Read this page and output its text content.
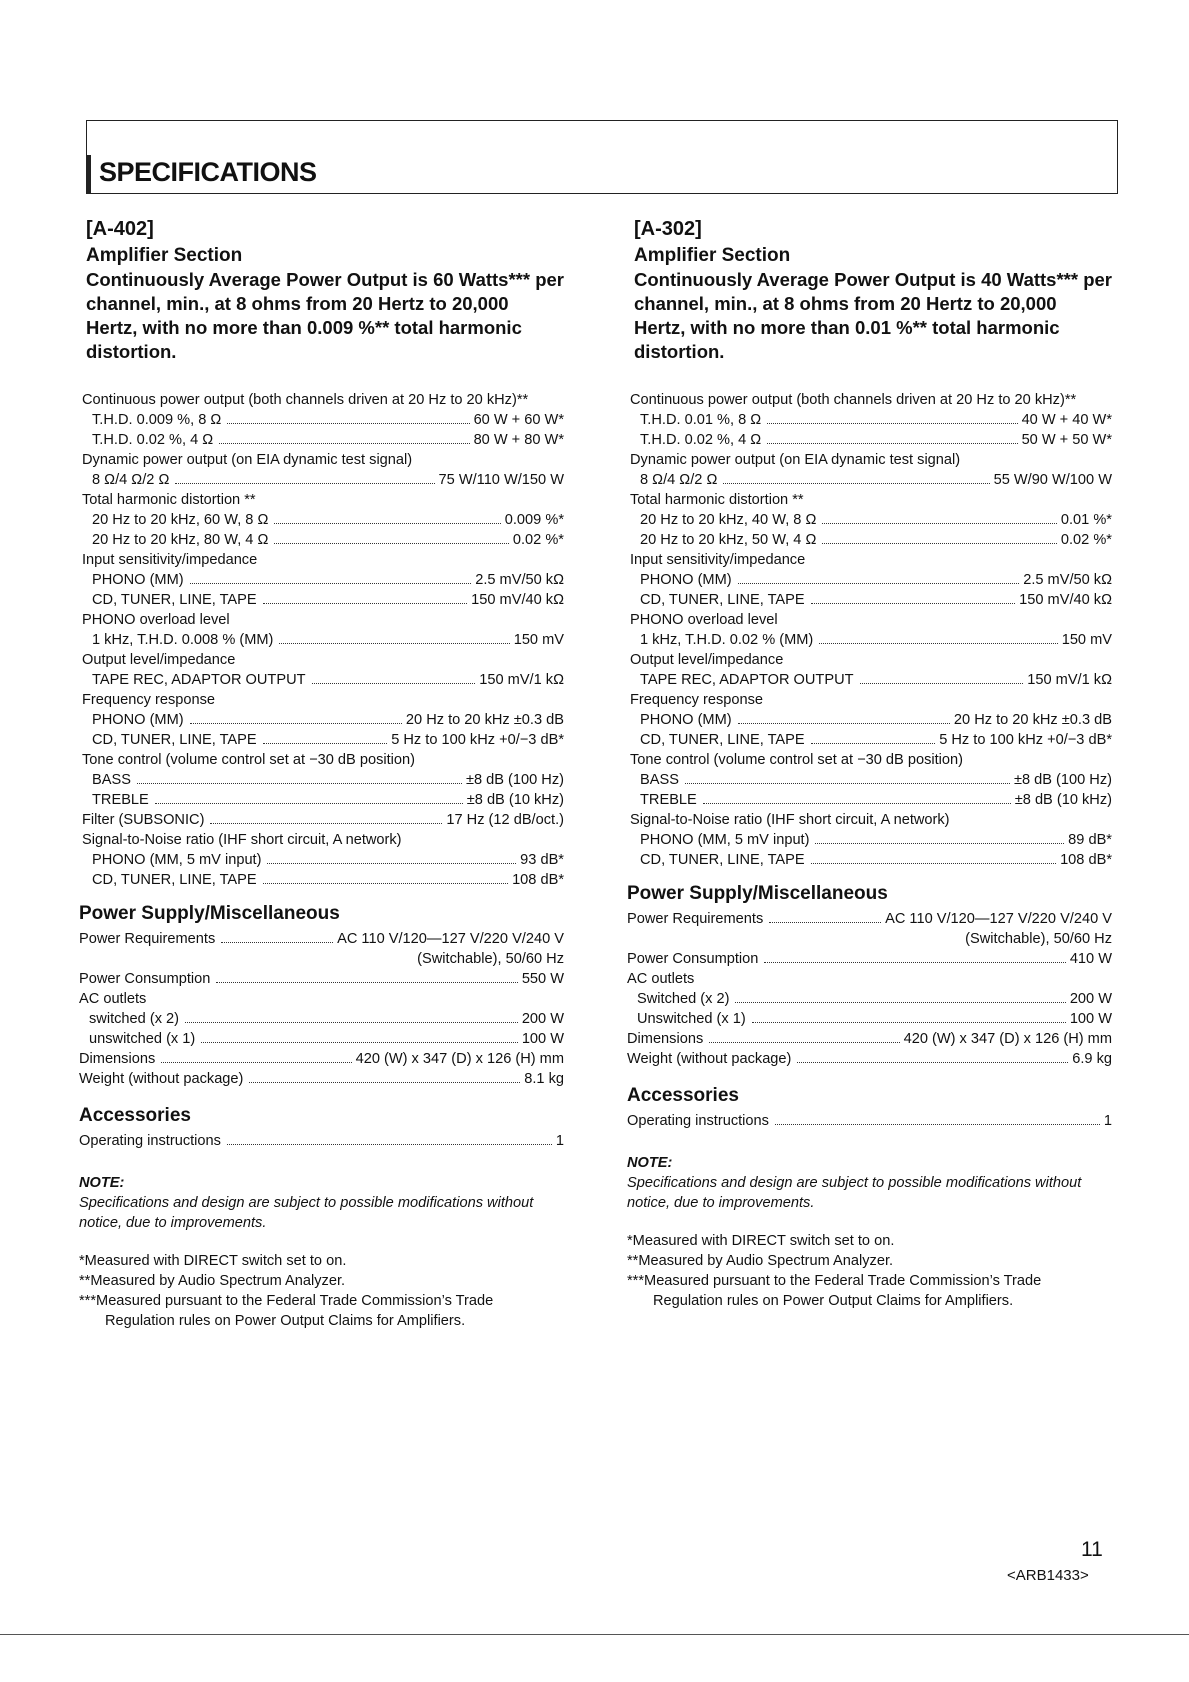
SPECIFICATIONS
[A-402]
Amplifier Section
Continuously Average Power Output is 60 Watts*** per channel, min., at 8 ohms from 20 Hertz to 20,000 Hertz, with no more than 0.009 %** total harmonic distortion.
Continuous power output (both channels driven at 20 Hz to 20 kHz)**
T.H.D. 0.009 %, 8 Ω	60 W + 60 W*
T.H.D. 0.02 %, 4 Ω	80 W + 80 W*
Dynamic power output (on EIA dynamic test signal)
8 Ω/4 Ω/2 Ω	75 W/110 W/150 W
Total harmonic distortion **
20 Hz to 20 kHz, 60 W, 8 Ω	0.009 %*
20 Hz to 20 kHz, 80 W, 4 Ω	0.02 %*
Input sensitivity/impedance
PHONO (MM)	2.5 mV/50 kΩ
CD, TUNER, LINE, TAPE	150 mV/40 kΩ
PHONO overload level
1 kHz, T.H.D. 0.008 % (MM)	150 mV
Output level/impedance
TAPE REC, ADAPTOR OUTPUT	150 mV/1 kΩ
Frequency response
PHONO (MM)	20 Hz to 20 kHz ±0.3 dB
CD, TUNER, LINE, TAPE	5 Hz to 100 kHz +0/−3 dB*
Tone control (volume control set at −30 dB position)
BASS	±8 dB (100 Hz)
TREBLE	±8 dB (10 kHz)
Filter (SUBSONIC)	17 Hz (12 dB/oct.)
Signal-to-Noise ratio (IHF short circuit, A network)
PHONO (MM, 5 mV input)	93 dB*
CD, TUNER, LINE, TAPE	108 dB*
Power Supply/Miscellaneous
Power Requirements	AC 110 V/120—127 V/220 V/240 V
(Switchable), 50/60 Hz
Power Consumption	550 W
AC outlets
switched (x 2)	200 W
unswitched (x 1)	100 W
Dimensions	420 (W) x 347 (D) x 126 (H) mm
Weight (without package)	8.1 kg
Accessories
Operating instructions	1
NOTE:
Specifications and design are subject to possible modifications without notice, due to improvements.
*Measured with DIRECT switch set to on.
**Measured by Audio Spectrum Analyzer.
***Measured pursuant to the Federal Trade Commission’s Trade
Regulation rules on Power Output Claims for Amplifiers.
[A-302]
Amplifier Section
Continuously Average Power Output is 40 Watts*** per channel, min., at 8 ohms from 20 Hertz to 20,000 Hertz, with no more than 0.01 %** total harmonic distortion.
Continuous power output (both channels driven at 20 Hz to 20 kHz)**
T.H.D. 0.01 %, 8 Ω	40 W + 40 W*
T.H.D. 0.02 %, 4 Ω	50 W + 50 W*
Dynamic power output (on EIA dynamic test signal)
8 Ω/4 Ω/2 Ω	55 W/90 W/100 W
Total harmonic distortion **
20 Hz to 20 kHz, 40 W, 8 Ω	0.01 %*
20 Hz to 20 kHz, 50 W, 4 Ω	0.02 %*
Input sensitivity/impedance
PHONO (MM)	2.5 mV/50 kΩ
CD, TUNER, LINE, TAPE	150 mV/40 kΩ
PHONO overload level
1 kHz, T.H.D. 0.02 % (MM)	150 mV
Output level/impedance
TAPE REC, ADAPTOR OUTPUT	150 mV/1 kΩ
Frequency response
PHONO (MM)	20 Hz to 20 kHz ±0.3 dB
CD, TUNER, LINE, TAPE	5 Hz to 100 kHz +0/−3 dB*
Tone control (volume control set at −30 dB position)
BASS	±8 dB (100 Hz)
TREBLE	±8 dB (10 kHz)
Signal-to-Noise ratio (IHF short circuit, A network)
PHONO (MM, 5 mV input)	89 dB*
CD, TUNER, LINE, TAPE	108 dB*
Power Supply/Miscellaneous
Power Requirements	AC 110 V/120—127 V/220 V/240 V
(Switchable), 50/60 Hz
Power Consumption	410 W
AC outlets
Switched (x 2)	200 W
Unswitched (x 1)	100 W
Dimensions	420 (W) x 347 (D) x 126 (H) mm
Weight (without package)	6.9 kg
Accessories
Operating instructions	1
NOTE:
Specifications and design are subject to possible modifications without notice, due to improvements.
*Measured with DIRECT switch set to on.
**Measured by Audio Spectrum Analyzer.
***Measured pursuant to the Federal Trade Commission’s Trade
Regulation rules on Power Output Claims for Amplifiers.
11
<ARB1433>
